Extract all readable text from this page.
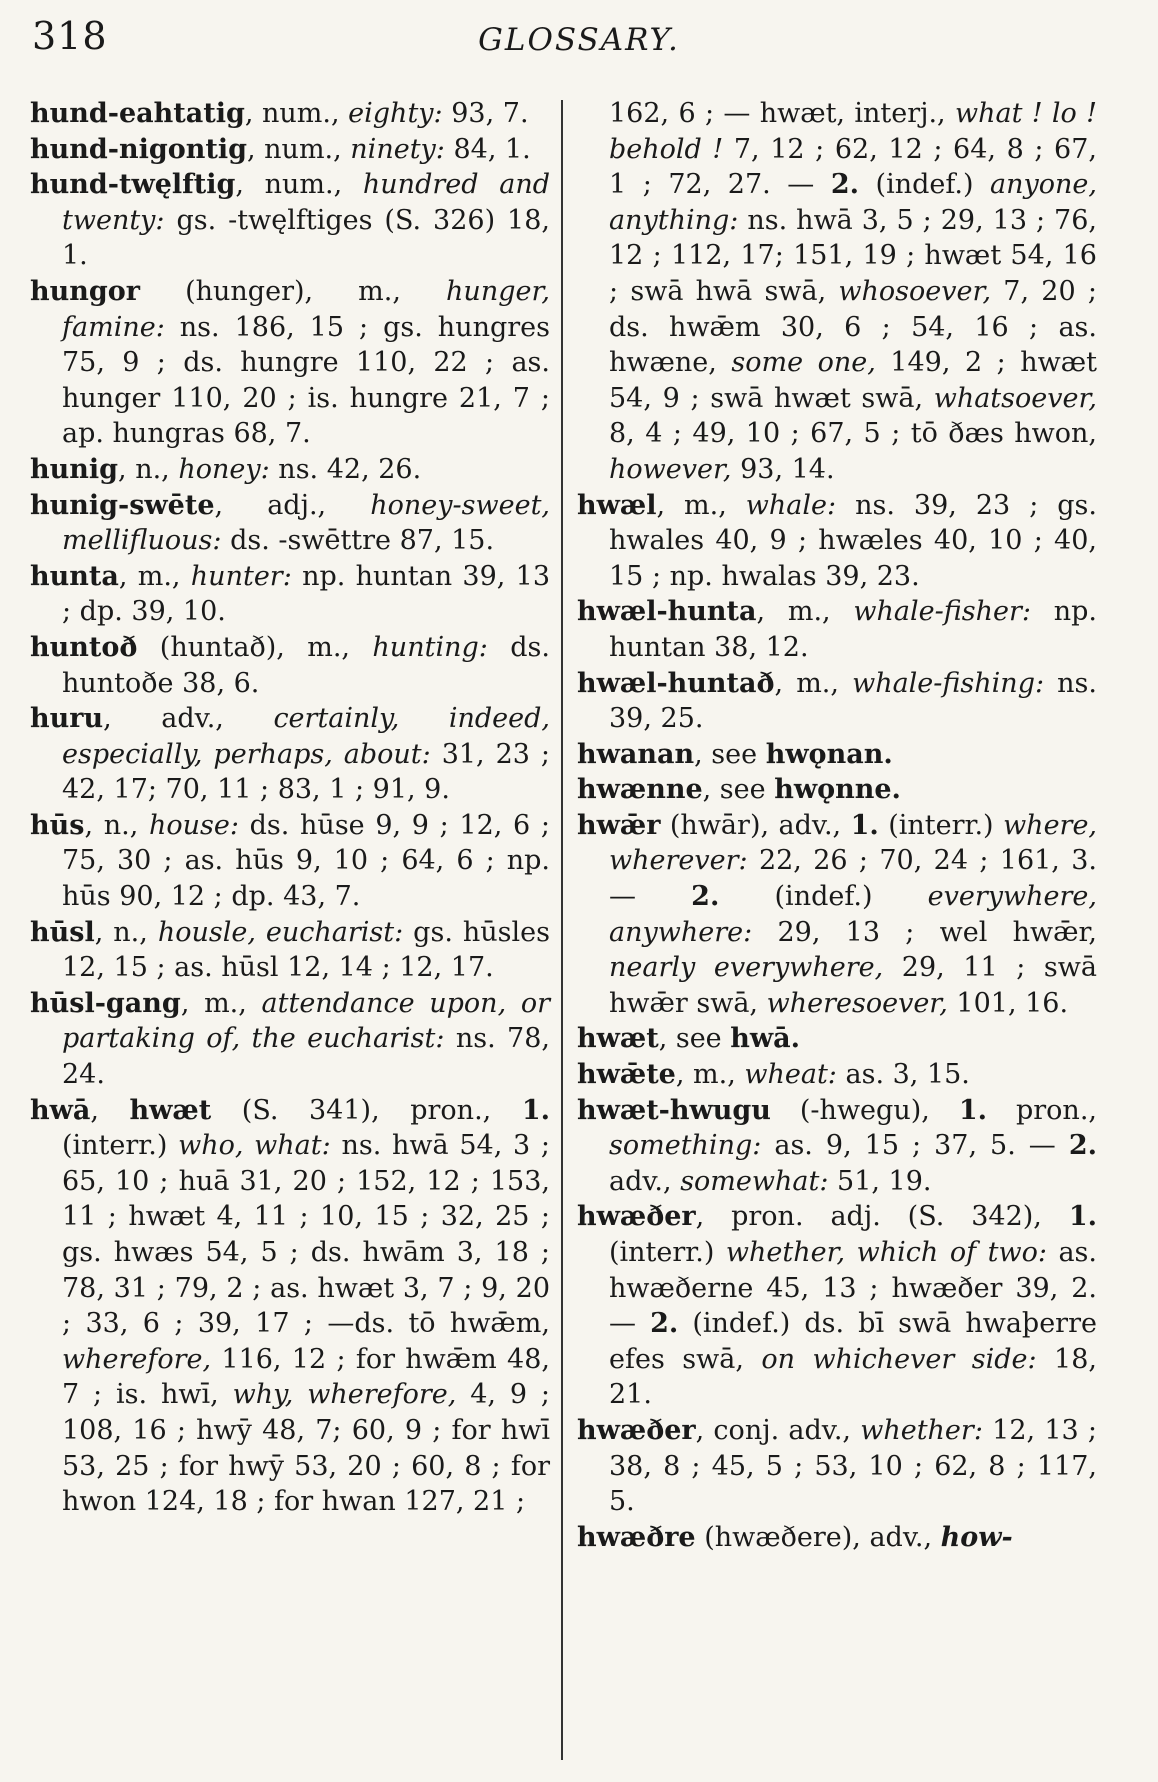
318	GLOSSARY.

hund-eahtatig, num., eighty: 93, 7.

hund-nigontig, num., ninety: 84, 1.

hund-twęlftig, num., hundred and twenty: gs. -twęlftiges (S. 326) 18, 1.

hungor (hunger), m., hunger, famine: ns. 186, 15 ; gs. hungres 75, 9 ; ds. hungre 110, 22 ; as. hunger 110, 20 ; is. hungre 21, 7 ; ap. hungras 68, 7.

hunig, n., honey: ns. 42, 26.

hunig-swēte, adj., honey-sweet, mellifluous: ds. -swēttre 87, 15.

hunta, m., hunter: np. huntan 39, 13 ; dp. 39, 10.

huntoð (huntað), m., hunting: ds. huntoðe 38, 6.

huru, adv., certainly, indeed, especially, perhaps, about: 31, 23 ; 42, 17; 70, 11 ; 83, 1 ; 91, 9.

hūs, n., house: ds. hūse 9, 9 ; 12, 6 ; 75, 30 ; as. hūs 9, 10 ; 64, 6 ; np. hūs 90, 12 ; dp. 43, 7.

hūsl, n., housle, eucharist: gs. hūsles 12, 15 ; as. hūsl 12, 14 ; 12, 17.

hūsl-gang, m., attendance upon, or partaking of, the eucharist: ns. 78, 24.

hwā, hwæt (S. 341), pron., 1. (interr.) who, what: ns. hwā 54, 3 ; 65, 10 ; huā 31, 20 ; 152, 12 ; 153, 11 ; hwæt 4, 11 ; 10, 15 ; 32, 25 ; gs. hwæs 54, 5 ; ds. hwām 3, 18 ; 78, 31 ; 79, 2 ; as. hwæt 3, 7 ; 9, 20 ; 33, 6 ; 39, 17 ; —ds. tō hwǣm, wherefore, 116, 12 ; for hwǣm 48, 7 ; is. hwī, why, wherefore, 4, 9 ; 108, 16 ; hwȳ 48, 7; 60, 9 ; for hwī 53, 25 ; for hwȳ 53, 20 ; 60, 8 ; for hwon 124, 18 ; for hwan 127, 21 ;

162, 6 ; — hwæt, interj., what ! lo ! behold ! 7, 12 ; 62, 12 ; 64, 8 ; 67, 1 ; 72, 27. — 2. (indef.) anyone, anything: ns. hwā 3, 5 ; 29, 13 ; 76, 12 ; 112, 17; 151, 19 ; hwæt 54, 16 ; swā hwā swā, whosoever, 7, 20 ; ds. hwǣm 30, 6 ; 54, 16 ; as. hwæne, some one, 149, 2 ; hwæt 54, 9 ; swā hwæt swā, whatsoever, 8, 4 ; 49, 10 ; 67, 5 ; tō ðæs hwon, however, 93, 14.

hwæl, m., whale: ns. 39, 23 ; gs. hwales 40, 9 ; hwæles 40, 10 ; 40, 15 ; np. hwalas 39, 23.

hwæl-hunta, m., whale-fisher: np. huntan 38, 12.

hwæl-huntað, m., whale-fishing: ns. 39, 25.

hwanan, see hwǫnan.

hwænne, see hwǫnne.

hwǣr (hwār), adv., 1. (interr.) where, wherever: 22, 26 ; 70, 24 ; 161, 3. — 2. (indef.) everywhere, anywhere: 29, 13 ; wel hwǣr, nearly everywhere, 29, 11 ; swā hwǣr swā, wheresoever, 101, 16.

hwæt, see hwā.

hwǣte, m., wheat: as. 3, 15.

hwæt-hwugu (-hwegu), 1. pron., something: as. 9, 15 ; 37, 5. — 2. adv., somewhat: 51, 19.

hwæðer, pron. adj. (S. 342), 1. (interr.) whether, which of two: as. hwæðerne 45, 13 ; hwæðer 39, 2. — 2. (indef.) ds. bī swā hwaþerre efes swā, on whichever side: 18, 21.

hwæðer, conj. adv., whether: 12, 13 ; 38, 8 ; 45, 5 ; 53, 10 ; 62, 8 ; 117, 5.

hwæðre (hwæðere), adv., how-
